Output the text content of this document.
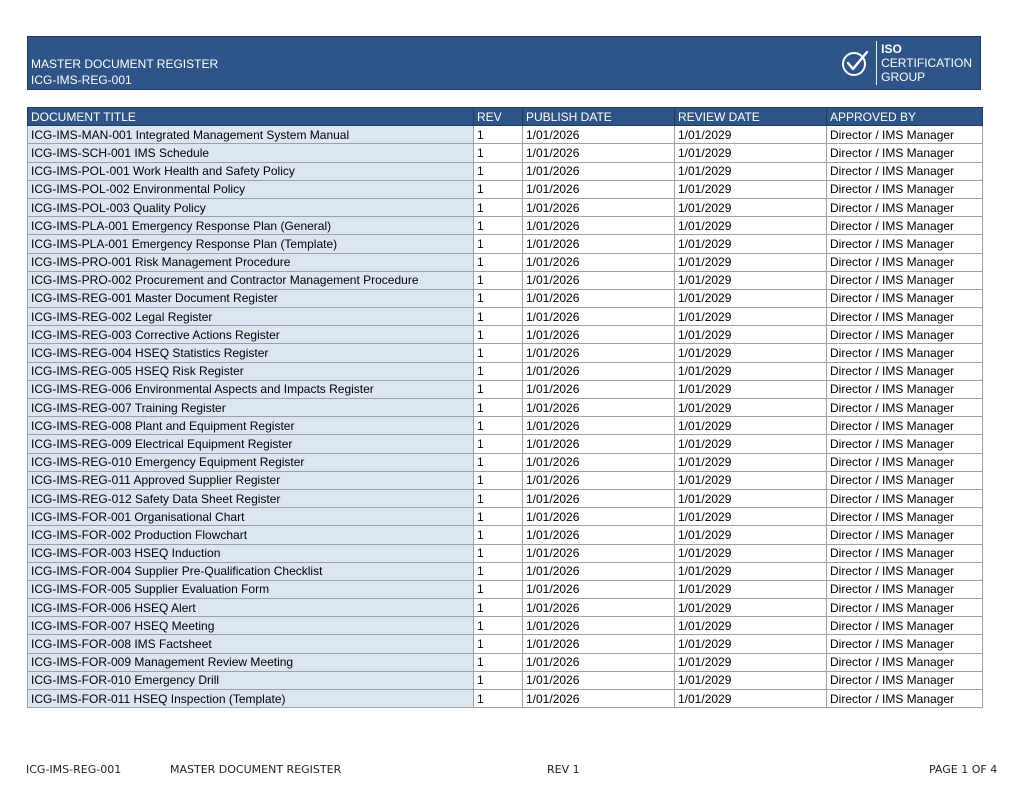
MASTER DOCUMENT REGISTER
ICG-IMS-REG-001
ISO
CERTIFICATION
GROUP
DOCUMENT TITLE	REV	PUBLISH DATE	REVIEW DATE	APPROVED BY
ICG-IMS-MAN-001 Integrated Management System Manual	1	1/01/2026	1/01/2029	Director / IMS Manager
ICG-IMS-SCH-001 IMS Schedule	1	1/01/2026	1/01/2029	Director / IMS Manager
ICG-IMS-POL-001 Work Health and Safety Policy	1	1/01/2026	1/01/2029	Director / IMS Manager
ICG-IMS-POL-002 Environmental Policy	1	1/01/2026	1/01/2029	Director / IMS Manager
ICG-IMS-POL-003 Quality Policy	1	1/01/2026	1/01/2029	Director / IMS Manager
ICG-IMS-PLA-001 Emergency Response Plan (General)	1	1/01/2026	1/01/2029	Director / IMS Manager
ICG-IMS-PLA-001 Emergency Response Plan (Template)	1	1/01/2026	1/01/2029	Director / IMS Manager
ICG-IMS-PRO-001 Risk Management Procedure	1	1/01/2026	1/01/2029	Director / IMS Manager
ICG-IMS-PRO-002 Procurement and Contractor Management Procedure	1	1/01/2026	1/01/2029	Director / IMS Manager
ICG-IMS-REG-001 Master Document Register	1	1/01/2026	1/01/2029	Director / IMS Manager
ICG-IMS-REG-002 Legal Register	1	1/01/2026	1/01/2029	Director / IMS Manager
ICG-IMS-REG-003 Corrective Actions Register	1	1/01/2026	1/01/2029	Director / IMS Manager
ICG-IMS-REG-004 HSEQ Statistics Register	1	1/01/2026	1/01/2029	Director / IMS Manager
ICG-IMS-REG-005 HSEQ Risk Register	1	1/01/2026	1/01/2029	Director / IMS Manager
ICG-IMS-REG-006 Environmental Aspects and Impacts Register	1	1/01/2026	1/01/2029	Director / IMS Manager
ICG-IMS-REG-007 Training Register	1	1/01/2026	1/01/2029	Director / IMS Manager
ICG-IMS-REG-008 Plant and Equipment Register	1	1/01/2026	1/01/2029	Director / IMS Manager
ICG-IMS-REG-009 Electrical Equipment Register	1	1/01/2026	1/01/2029	Director / IMS Manager
ICG-IMS-REG-010 Emergency Equipment Register	1	1/01/2026	1/01/2029	Director / IMS Manager
ICG-IMS-REG-011 Approved Supplier Register	1	1/01/2026	1/01/2029	Director / IMS Manager
ICG-IMS-REG-012 Safety Data Sheet Register	1	1/01/2026	1/01/2029	Director / IMS Manager
ICG-IMS-FOR-001 Organisational Chart	1	1/01/2026	1/01/2029	Director / IMS Manager
ICG-IMS-FOR-002 Production Flowchart	1	1/01/2026	1/01/2029	Director / IMS Manager
ICG-IMS-FOR-003 HSEQ Induction	1	1/01/2026	1/01/2029	Director / IMS Manager
ICG-IMS-FOR-004 Supplier Pre-Qualification Checklist	1	1/01/2026	1/01/2029	Director / IMS Manager
ICG-IMS-FOR-005 Supplier Evaluation Form	1	1/01/2026	1/01/2029	Director / IMS Manager
ICG-IMS-FOR-006 HSEQ Alert	1	1/01/2026	1/01/2029	Director / IMS Manager
ICG-IMS-FOR-007 HSEQ Meeting	1	1/01/2026	1/01/2029	Director / IMS Manager
ICG-IMS-FOR-008 IMS Factsheet	1	1/01/2026	1/01/2029	Director / IMS Manager
ICG-IMS-FOR-009 Management Review Meeting	1	1/01/2026	1/01/2029	Director / IMS Manager
ICG-IMS-FOR-010 Emergency Drill	1	1/01/2026	1/01/2029	Director / IMS Manager
ICG-IMS-FOR-011 HSEQ Inspection (Template)	1	1/01/2026	1/01/2029	Director / IMS Manager
ICG-IMS-REG-001	MASTER DOCUMENT REGISTER	REV 1	PAGE 1 OF 4
